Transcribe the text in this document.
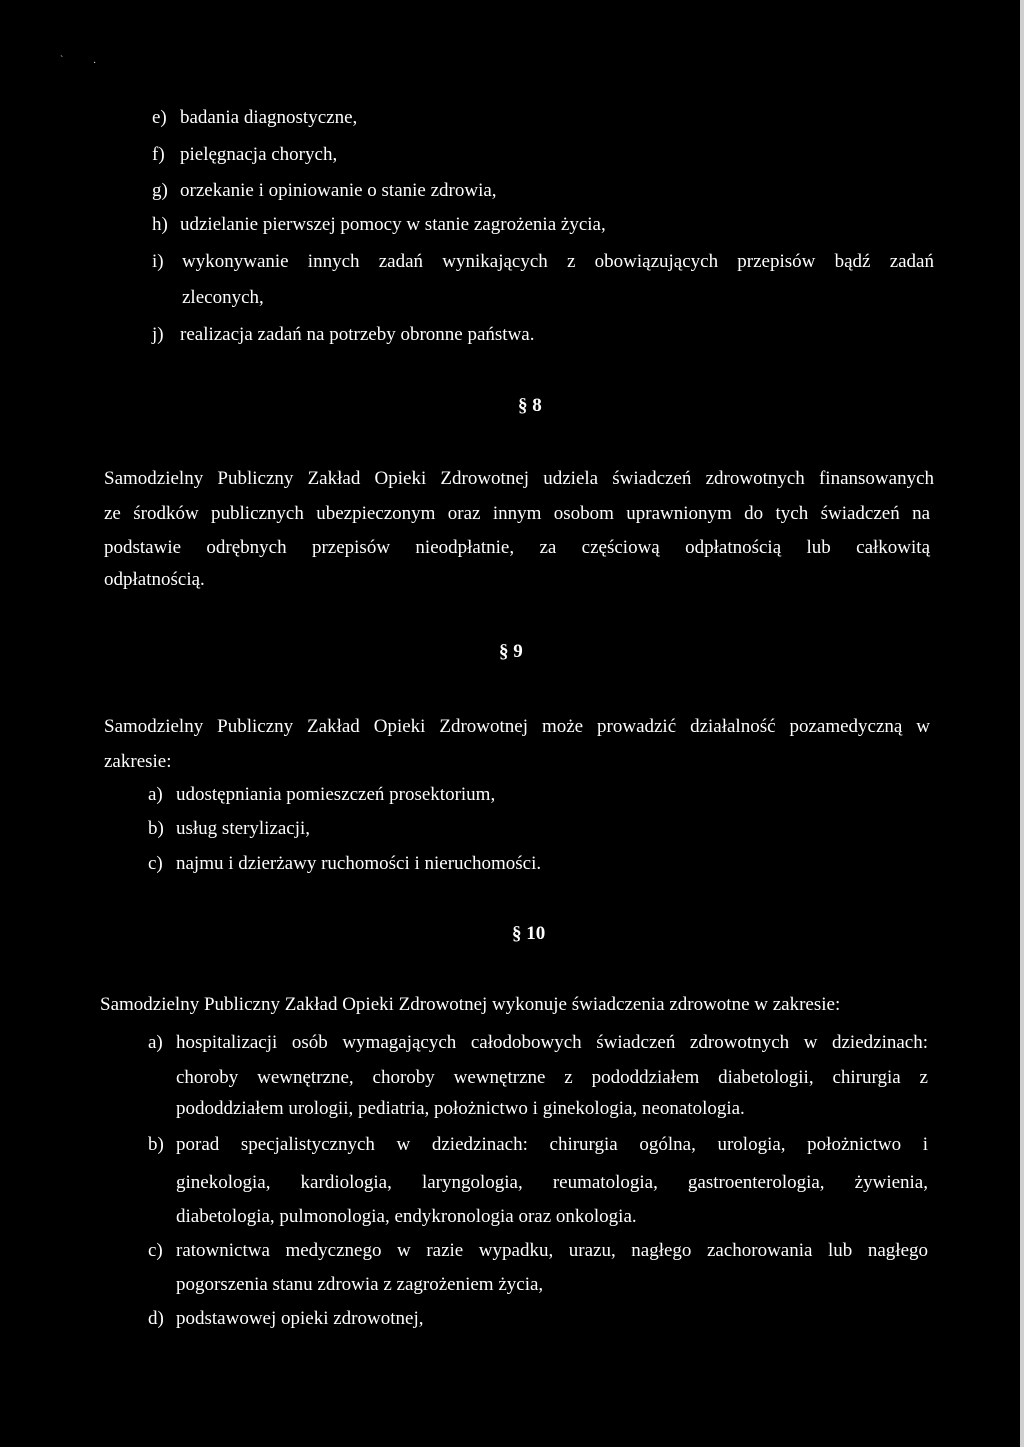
`            .
e) badania diagnostyczne,
f) pielęgnacja chorych,
g) orzekanie i opiniowanie o stanie zdrowia,
h) udzielanie pierwszej pomocy w stanie zagrożenia życia,
i) wykonywanie innych zadań wynikających z obowiązujących przepisów bądź zadań
zleconych,
j) realizacja zadań na potrzeby obronne państwa.
§ 8
Samodzielny Publiczny Zakład Opieki Zdrowotnej udziela świadczeń zdrowotnych finansowanych
ze środków publicznych ubezpieczonym oraz innym osobom uprawnionym do tych świadczeń na
podstawie odrębnych przepisów nieodpłatnie, za częściową odpłatnością lub całkowitą
odpłatnością.
§ 9
Samodzielny Publiczny Zakład Opieki Zdrowotnej może prowadzić działalność pozamedyczną w
zakresie:
a) udostępniania pomieszczeń prosektorium,
b) usług sterylizacji,
c) najmu i dzierżawy ruchomości i nieruchomości.
§ 10
Samodzielny Publiczny Zakład Opieki Zdrowotnej wykonuje świadczenia zdrowotne w zakresie:
a) hospitalizacji osób wymagających całodobowych świadczeń zdrowotnych w dziedzinach:
choroby wewnętrzne, choroby wewnętrzne z pododdziałem diabetologii, chirurgia z
pododdziałem urologii, pediatria, położnictwo i ginekologia, neonatologia.
b) porad specjalistycznych w dziedzinach: chirurgia ogólna, urologia, położnictwo i
ginekologia, kardiologia, laryngologia, reumatologia, gastroenterologia, żywienia,
diabetologia, pulmonologia, endykronologia oraz onkologia.
c) ratownictwa medycznego w razie wypadku, urazu, nagłego zachorowania lub nagłego
pogorszenia stanu zdrowia z zagrożeniem życia,
d) podstawowej opieki zdrowotnej,
